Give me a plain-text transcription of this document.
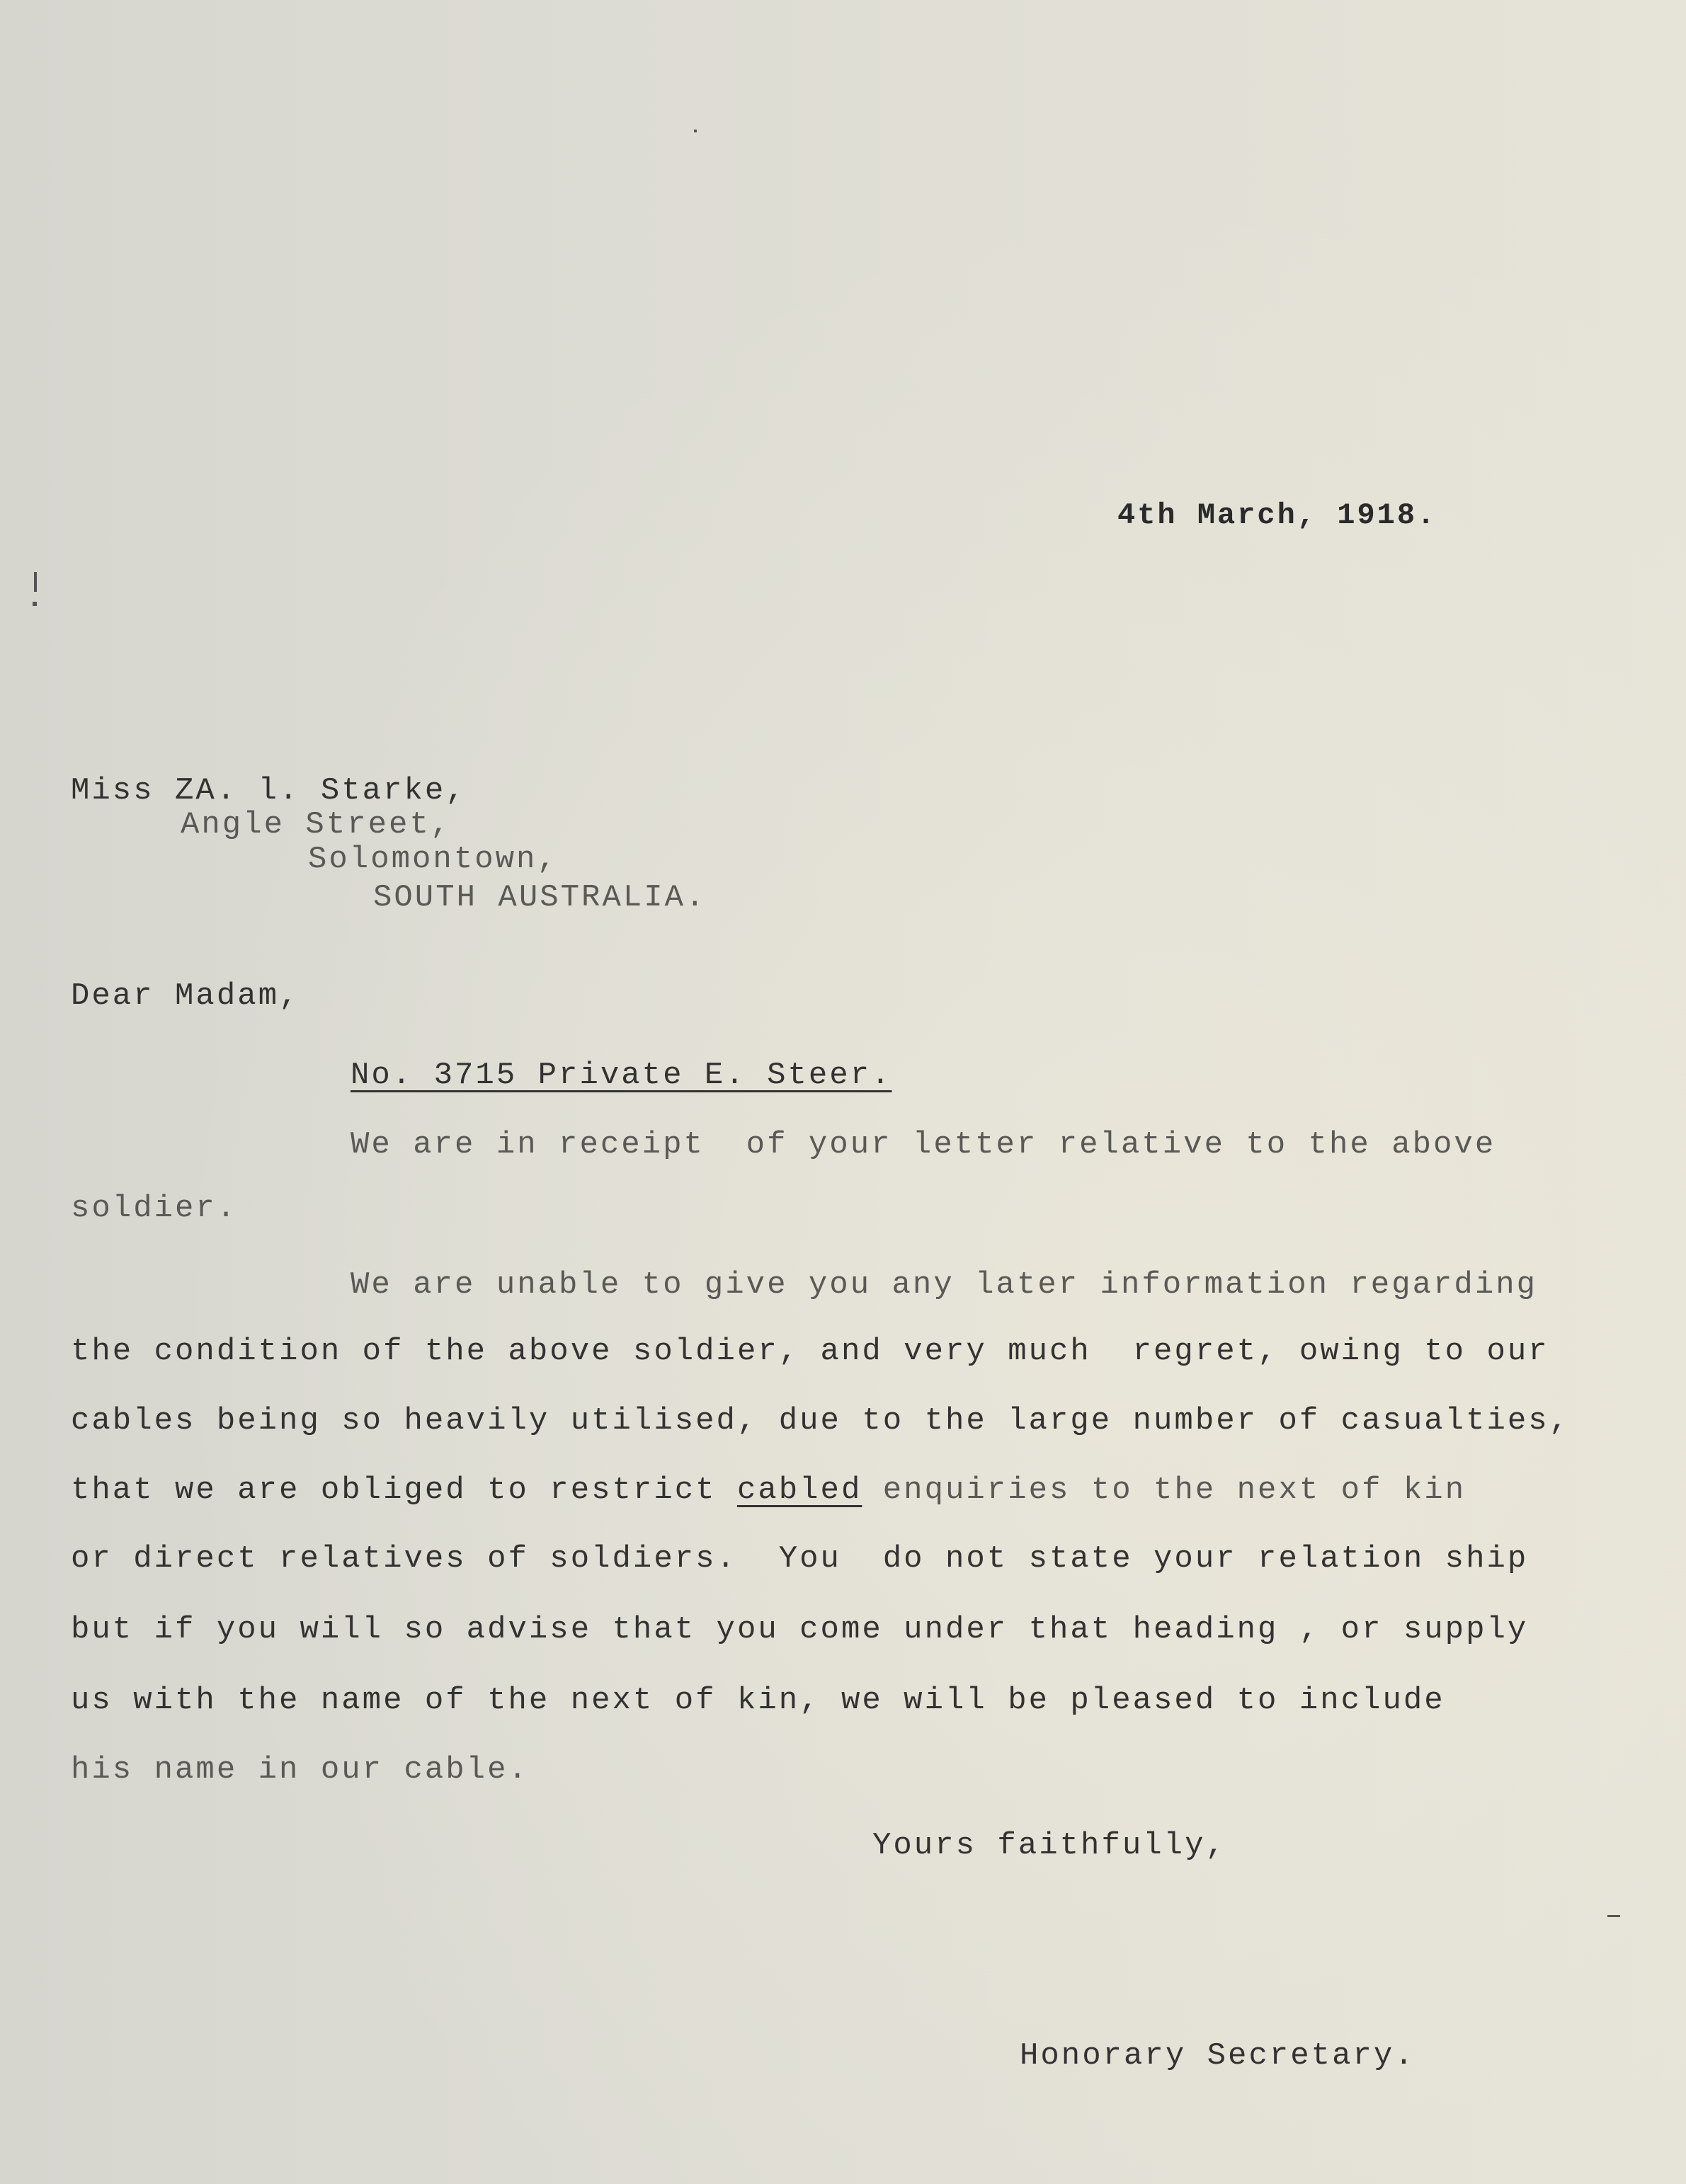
4th March, 1918.
Miss ZA. l. Starke,
Angle Street,
Solomontown,
SOUTH AUSTRALIA.
Dear Madam,
No. 3715 Private E. Steer.
We are in receipt  of your letter relative to the above
soldier.
We are unable to give you any later information regarding
the condition of the above soldier, and very much  regret, owing to our
cables being so heavily utilised, due to the large number of casualties,
that we are obliged to restrict cabled enquiries to the next of kin
or direct relatives of soldiers.  You  do not state your relation ship
but if you will so advise that you come under that heading , or supply
us with the name of the next of kin, we will be pleased to include
his name in our cable.
Yours faithfully,
Honorary Secretary.
